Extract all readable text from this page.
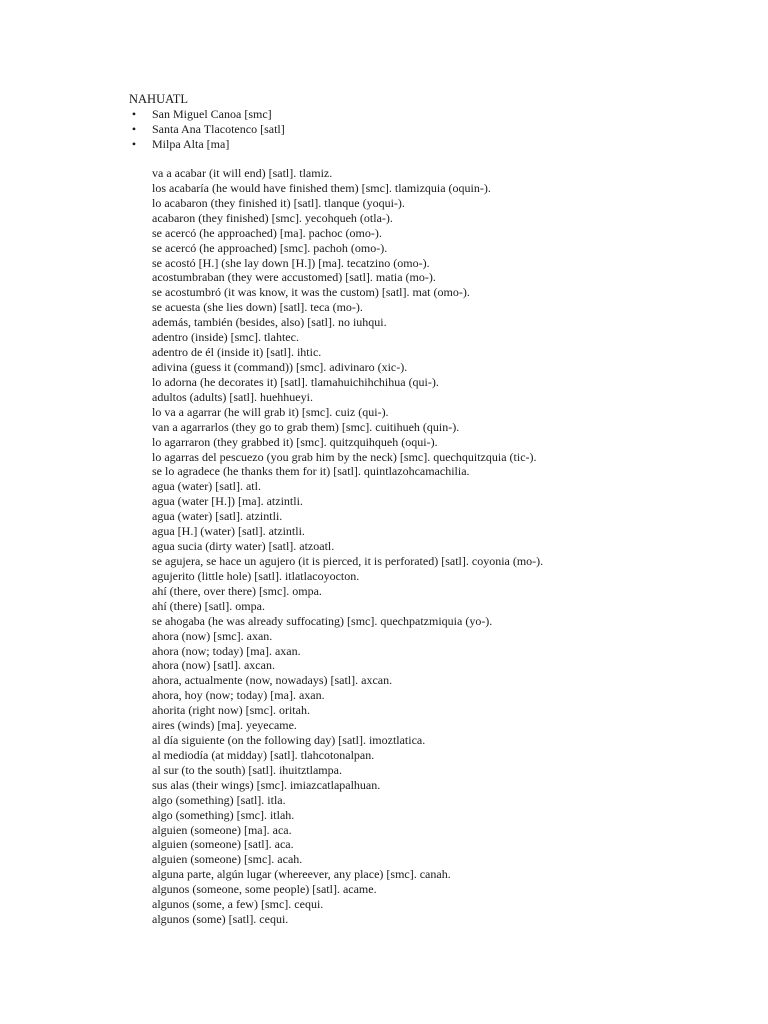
NAHUATL
• San Miguel Canoa [smc]
• Santa Ana Tlacotenco [satl]
• Milpa Alta [ma]
va a acabar (it will end) [satl]. tlamiz.
los acabaría (he would have finished them) [smc]. tlamizquia (oquin-).
lo acabaron (they finished it) [satl]. tlanque (yoqui-).
acabaron (they finished) [smc]. yecohqueh (otla-).
se acercó (he approached) [ma]. pachoc (omo-).
se acercó (he approached) [smc]. pachoh (omo-).
se acostó [H.] (she lay down [H.]) [ma]. tecatzino (omo-).
acostumbraban (they were accustomed) [satl]. matia (mo-).
se acostumbró (it was know, it was the custom) [satl]. mat (omo-).
se acuesta (she lies down) [satl]. teca (mo-).
además, también (besides, also) [satl]. no iuhqui.
adentro (inside) [smc]. tlahtec.
adentro de él (inside it) [satl]. ihtic.
adivina (guess it (command)) [smc]. adivinaro (xic-).
lo adorna (he decorates it) [satl]. tlamahuichihchihua (qui-).
adultos (adults) [satl]. huehhueyi.
lo va a agarrar (he will grab it) [smc]. cuiz (qui-).
van a agarrarlos (they go to grab them) [smc]. cuitihueh (quin-).
lo agarraron (they grabbed it) [smc]. quitzquihqueh (oqui-).
lo agarras del pescuezo (you grab him by the neck) [smc]. quechquitzquia (tic-).
se lo agradece (he thanks them for it) [satl]. quintlazohcamachilia.
agua (water) [satl]. atl.
agua (water [H.]) [ma]. atzintli.
agua (water) [satl]. atzintli.
agua [H.] (water) [satl]. atzintli.
agua sucia (dirty water) [satl]. atzoatl.
se agujera, se hace un agujero (it is pierced, it is perforated) [satl]. coyonia (mo-).
agujerito (little hole) [satl]. itlatlacoyocton.
ahí (there, over there) [smc]. ompa.
ahí (there) [satl]. ompa.
se ahogaba (he was already suffocating) [smc]. quechpatzmiquia (yo-).
ahora (now) [smc]. axan.
ahora (now; today) [ma]. axan.
ahora (now) [satl]. axcan.
ahora, actualmente (now, nowadays) [satl]. axcan.
ahora, hoy (now; today) [ma]. axan.
ahorita (right now) [smc]. oritah.
aires (winds) [ma]. yeyecame.
al día siguiente (on the following day) [satl]. imoztlatica.
al mediodía (at midday) [satl]. tlahcotonalpan.
al sur (to the south) [satl]. ihuitztlampa.
sus alas (their wings) [smc]. imiazcatlapalhuan.
algo (something) [satl]. itla.
algo (something) [smc]. itlah.
alguien (someone) [ma]. aca.
alguien (someone) [satl]. aca.
alguien (someone) [smc]. acah.
alguna parte, algún lugar (whereever, any place) [smc]. canah.
algunos (someone, some people) [satl]. acame.
algunos (some, a few) [smc]. cequi.
algunos (some) [satl]. cequi.
